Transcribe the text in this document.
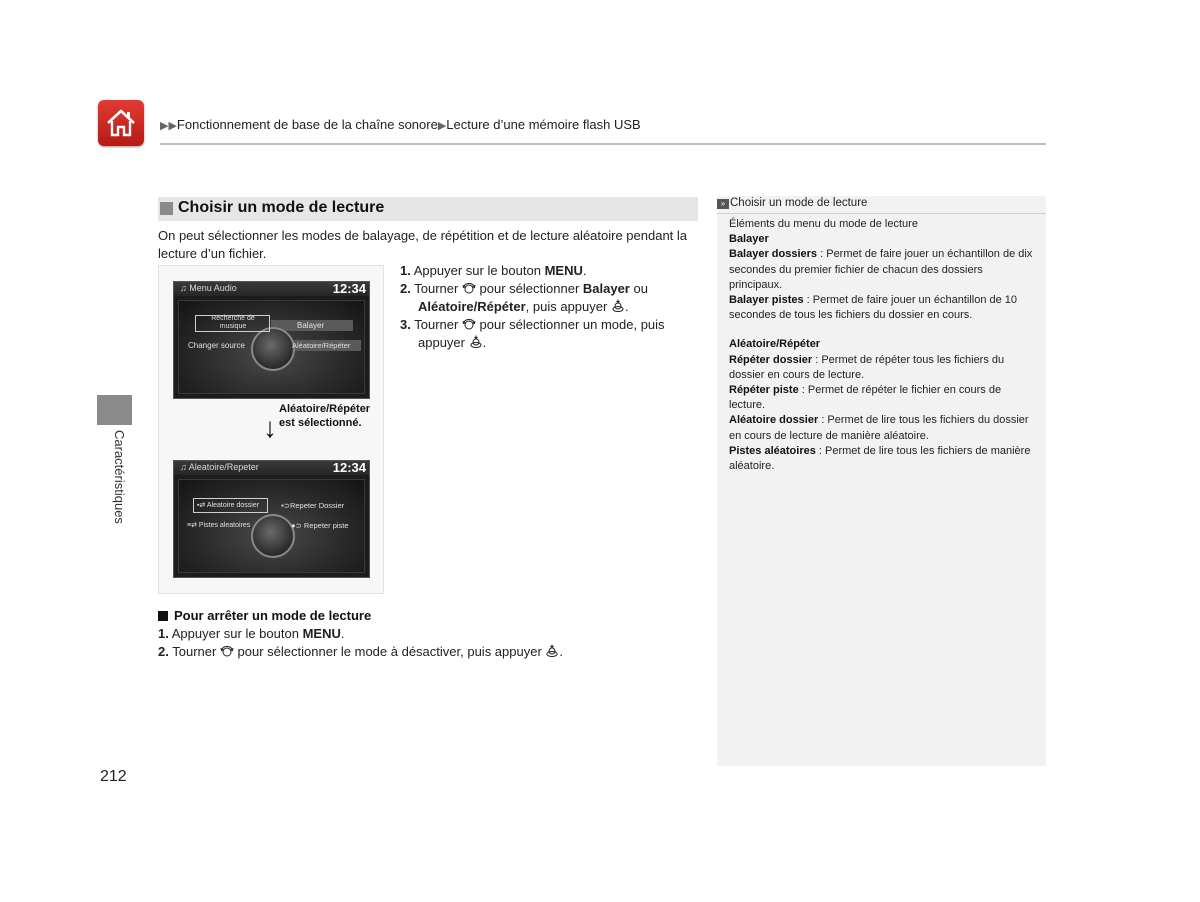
▶▶Fonctionnement de base de la chaîne sonore▶Lecture d’une mémoire flash USB
Caractéristiques
Choisir un mode de lecture
On peut sélectionner les modes de balayage, de répétition et de lecture aléatoire pendant la lecture d’un fichier.
♫ Menu Audio	12:34
Recherche de musique	Balayer
Changer source	Aléatoire/Répéter
♫ Aleatoire/Repeter	12:34
▪⇄ Aleatoire dossier	▪⊃Repeter Dossier
≡⇄ Pistes aleatoires	●⊃ Repeter piste
↓
Aléatoire/Répéter
est sélectionné.
1. Appuyer sur le bouton MENU.
2. Tourner  pour sélectionner Balayer ou Aléatoire/Répéter, puis appuyer .
3. Tourner  pour sélectionner un mode, puis appuyer .
Pour arrêter un mode de lecture
1. Appuyer sur le bouton MENU.
2. Tourner  pour sélectionner le mode à désactiver, puis appuyer .
» Choisir un mode de lecture
Éléments du menu du mode de lecture
Balayer
Balayer dossiers : Permet de faire jouer un échantillon de dix secondes du premier fichier de chacun des dossiers principaux.
Balayer pistes : Permet de faire jouer un échantillon de 10 secondes de tous les fichiers du dossier en cours.
Aléatoire/Répéter
Répéter dossier : Permet de répéter tous les fichiers du dossier en cours de lecture.
Répéter piste : Permet de répéter le fichier en cours de lecture.
Aléatoire dossier : Permet de lire tous les fichiers du dossier en cours de lecture de manière aléatoire.
Pistes aléatoires : Permet de lire tous les fichiers de manière aléatoire.
212
